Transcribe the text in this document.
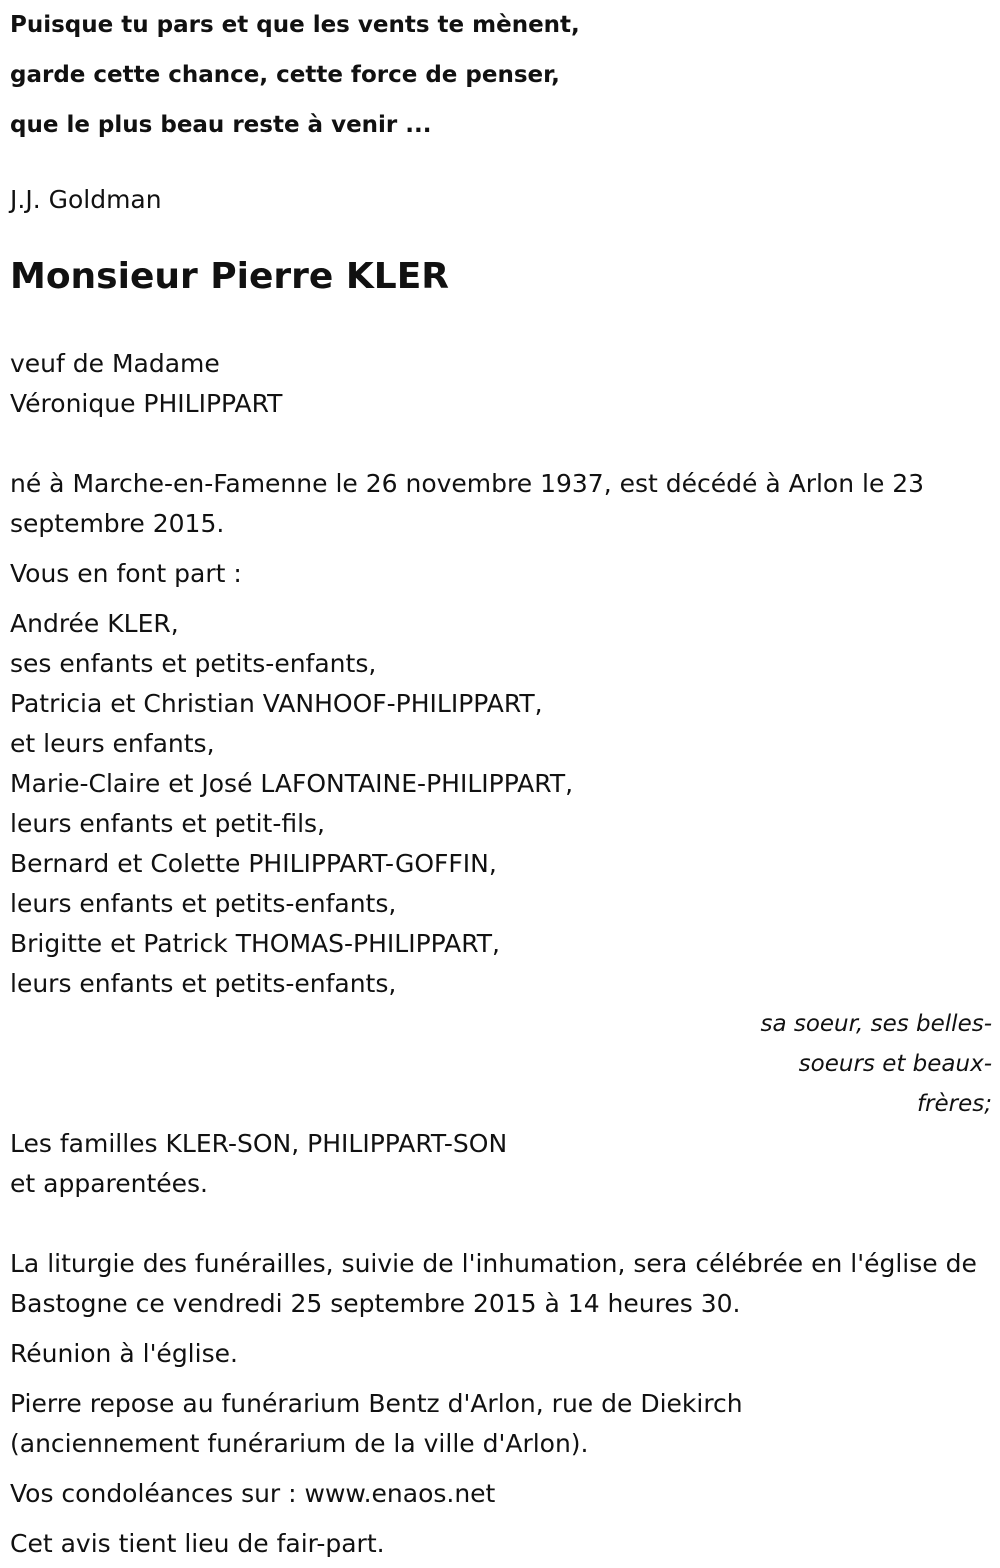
Puisque tu pars et que les vents te mènent,
garde cette chance, cette force de penser,
que le plus beau reste à venir ...
J.J. Goldman
Monsieur Pierre KLER
veuf de Madame
Véronique PHILIPPART
né à Marche-en-Famenne le 26 novembre 1937, est décédé à Arlon le 23 septembre 2015.
Vous en font part :
Andrée KLER,
ses enfants et petits-enfants,
Patricia et Christian VANHOOF-PHILIPPART,
et leurs enfants,
Marie-Claire et José LAFONTAINE-PHILIPPART,
leurs enfants et petit-fils,
Bernard et Colette PHILIPPART-GOFFIN,
leurs enfants et petits-enfants,
Brigitte et Patrick THOMAS-PHILIPPART,
leurs enfants et petits-enfants,
sa soeur, ses belles-soeurs et beaux-frères;
Les familles KLER-SON, PHILIPPART-SON
et apparentées.
La liturgie des funérailles, suivie de l'inhumation, sera célébrée en l'église de Bastogne ce vendredi 25 septembre 2015 à 14 heures 30.
Réunion à l'église.
Pierre repose au funérarium Bentz d'Arlon, rue de Diekirch
(anciennement funérarium de la ville d'Arlon).
Vos condoléances sur : www.enaos.net
Cet avis tient lieu de fair-part.
